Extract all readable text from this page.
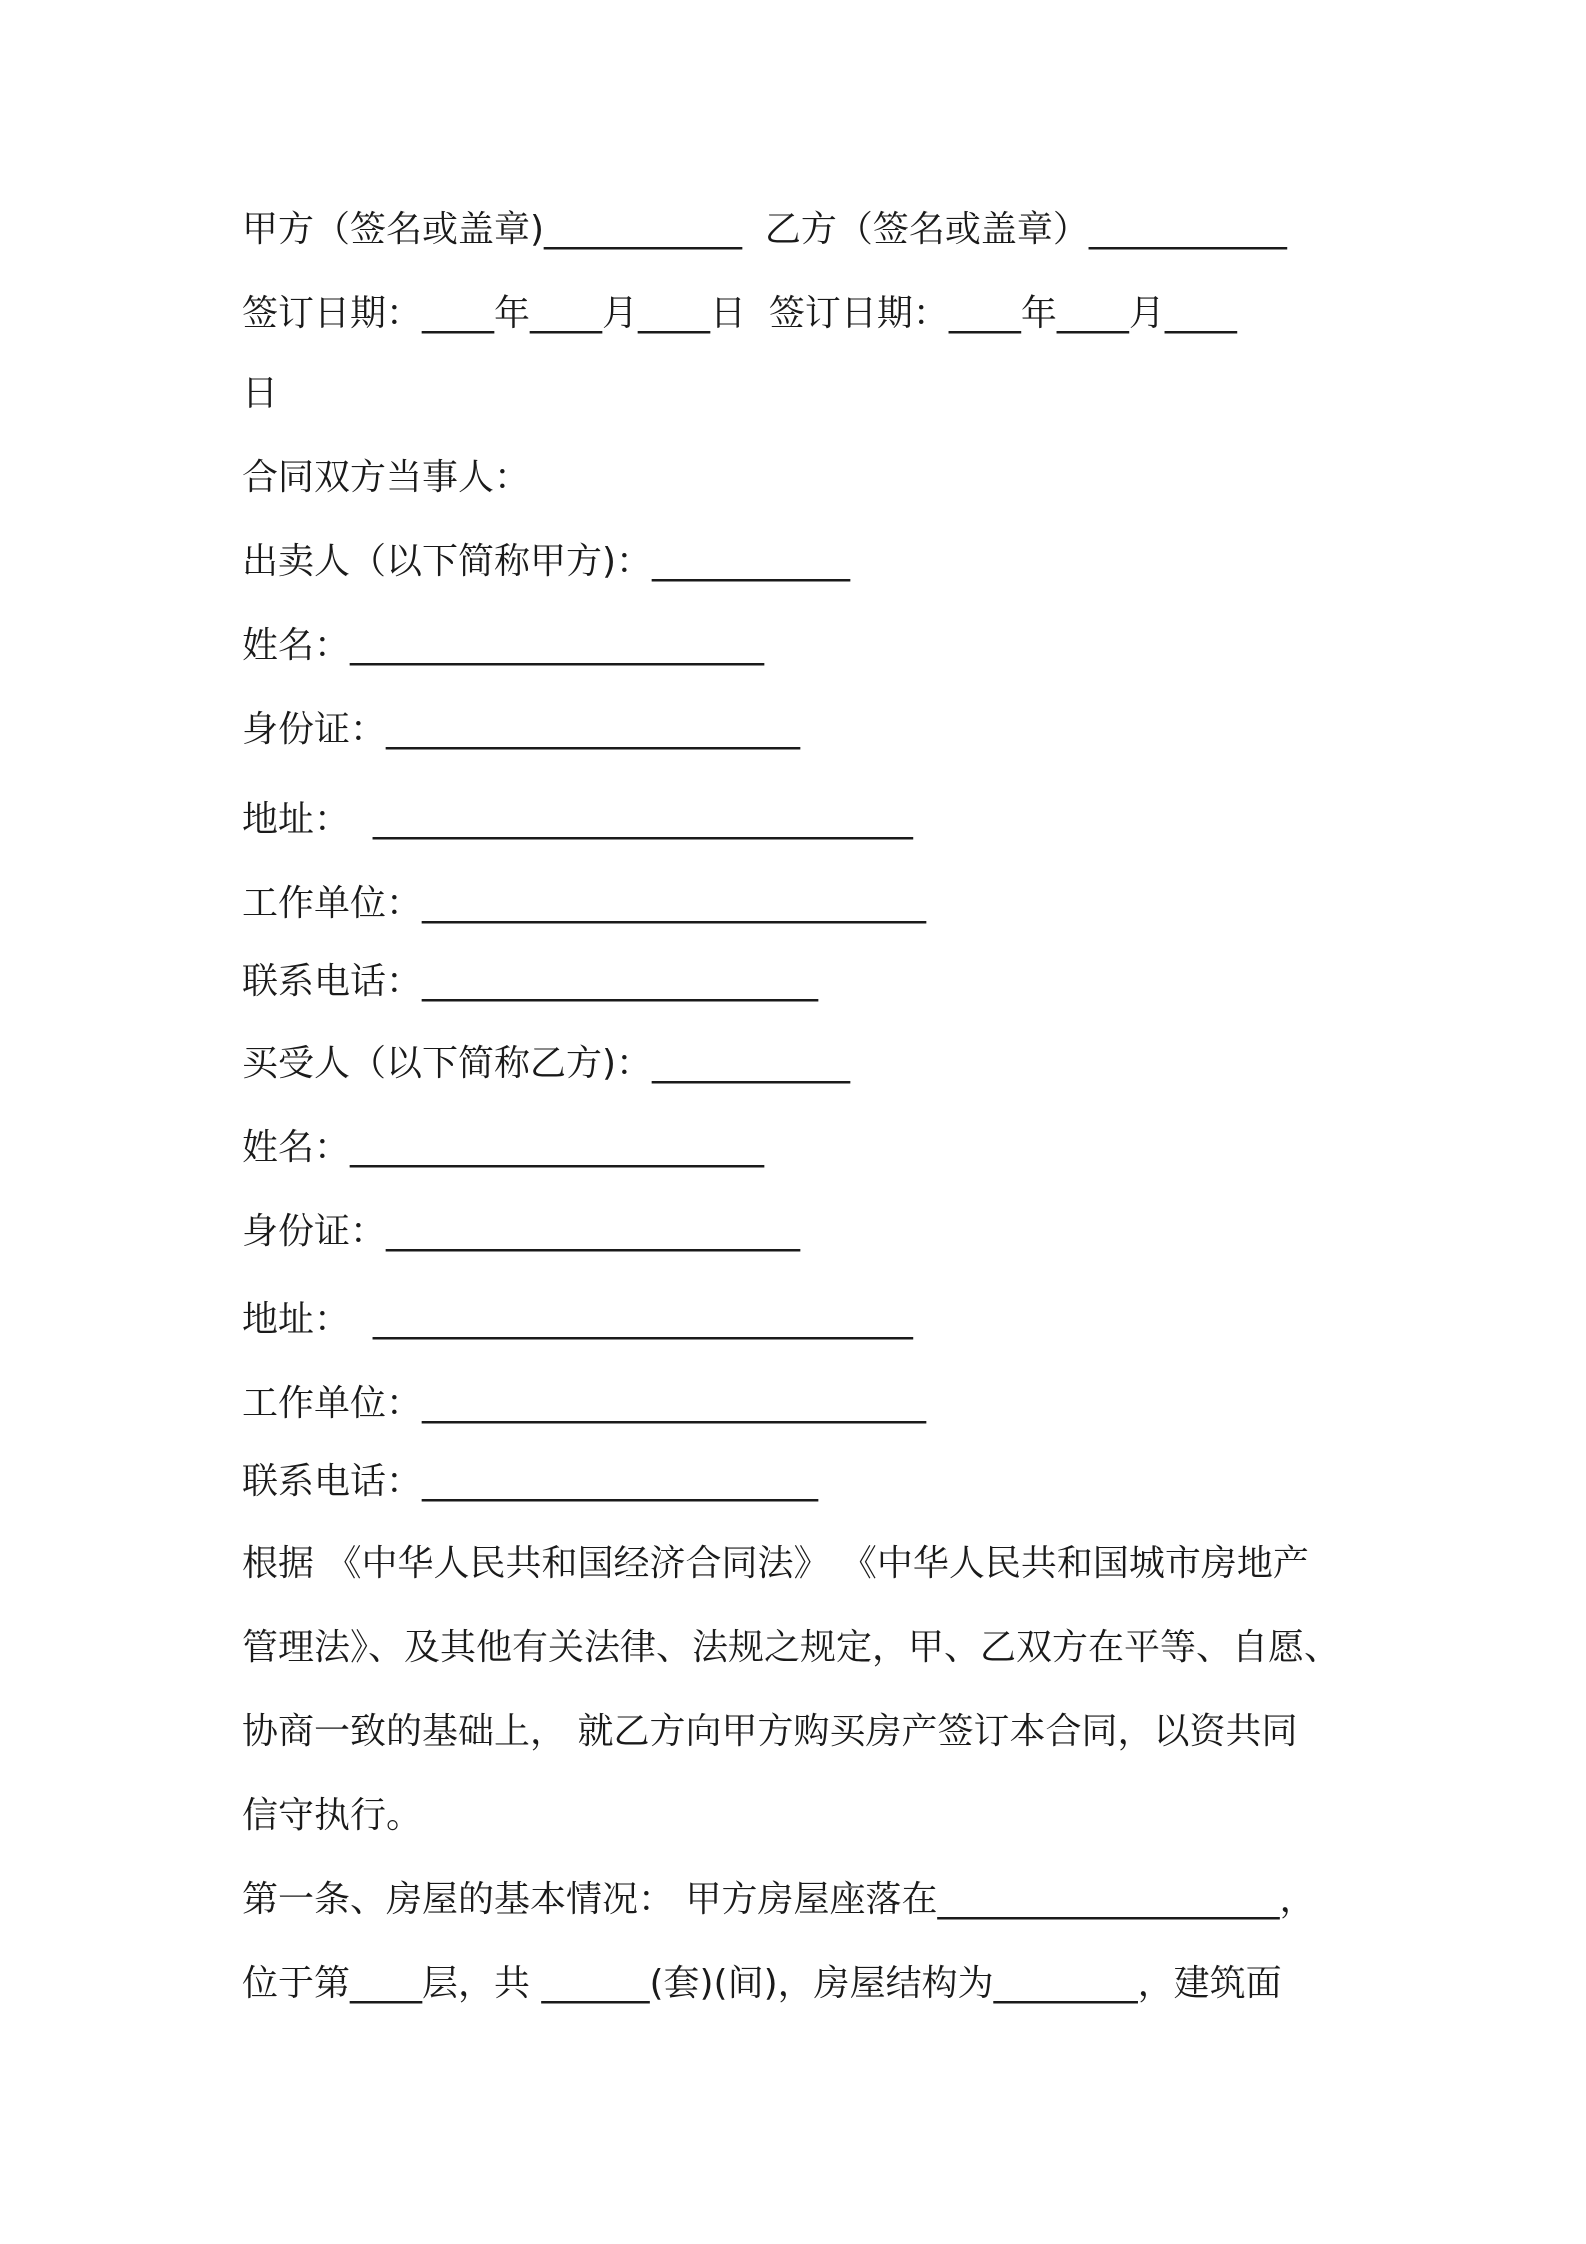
甲方（签名或盖章)___________  乙方（签名或盖章）___________
签订日期：____年____月____日  签订日期：____年____月____
日
合同双方当事人：
出卖人（以下简称甲方)：___________
姓名：_______________________
身份证：_______________________
地址：  ______________________________
工作单位：____________________________
联系电话：______________________
买受人（以下简称乙方)：___________
姓名：_______________________
身份证：_______________________
地址：  ______________________________
工作单位：____________________________
联系电话：______________________
根据 《中华人民共和国经济合同法》 《中华人民共和国城市房地产
管理法》、及其他有关法律、法规之规定，甲、乙双方在平等、自愿、
协商一致的基础上， 就乙方向甲方购买房产签订本合同，以资共同
信守执行。
第一条、房屋的基本情况： 甲方房屋座落在___________________，
位于第____层，共 ______(套)(间)，房屋结构为________，建筑面
